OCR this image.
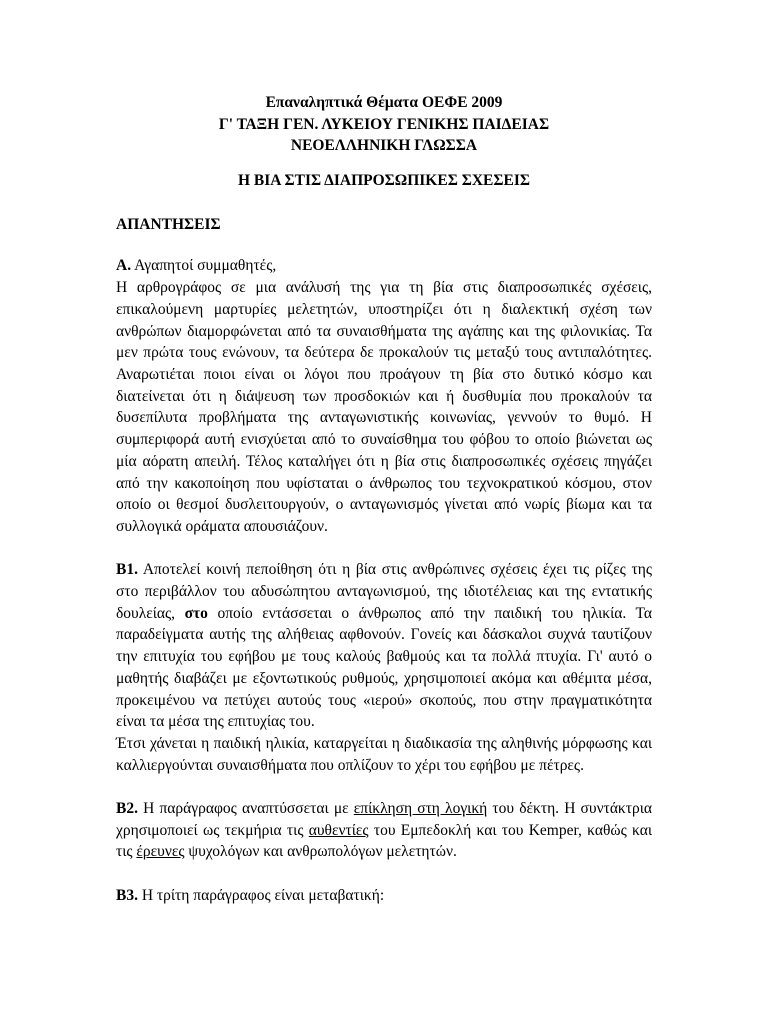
Επαναληπτικά Θέματα ΟΕΦΕ 2009
Γ' ΤΑΞΗ ΓΕΝ. ΛΥΚΕΙΟΥ ΓΕΝΙΚΗΣ ΠΑΙΔΕΙΑΣ
ΝΕΟΕΛΛΗΝΙΚΗ ΓΛΩΣΣΑ
Η ΒΙΑ ΣΤΙΣ ΔΙΑΠΡΟΣΩΠΙΚΕΣ ΣΧΕΣΕΙΣ
ΑΠΑΝΤΗΣΕΙΣ

Α. Αγαπητοί συμμαθητές,

Η αρθρογράφος σε μια ανάλυσή της για τη βία στις διαπροσωπικές σχέσεις, επικαλούμενη μαρτυρίες μελετητών, υποστηρίζει ότι η διαλεκτική σχέση των ανθρώπων διαμορφώνεται από τα συναισθήματα της αγάπης και της φιλονικίας. Τα μεν πρώτα τους ενώνουν, τα δεύτερα δε προκαλούν τις μεταξύ τους αντιπαλότητες. Αναρωτιέται ποιοι είναι οι λόγοι που προάγουν τη βία στο δυτικό κόσμο και διατείνεται ότι η διάψευση των προσδοκιών και ή δυσθυμία που προκαλούν τα δυσεπίλυτα προβλήματα της ανταγωνιστικής κοινωνίας, γεννούν το θυμό. Η συμπεριφορά αυτή ενισχύεται από το συναίσθημα του φόβου το οποίο βιώνεται ως μία αόρατη απειλή. Τέλος καταλήγει ότι η βία στις διαπροσωπικές σχέσεις πηγάζει από την κακοποίηση που υφίσταται ο άνθρωπος του τεχνοκρατικού κόσμου, στον οποίο οι θεσμοί δυσλειτουργούν, ο ανταγωνισμός γίνεται από νωρίς βίωμα και τα συλλογικά οράματα απουσιάζουν.

Β1. Αποτελεί κοινή πεποίθηση ότι η βία στις ανθρώπινες σχέσεις έχει τις ρίζες της στο περιβάλλον του αδυσώπητου ανταγωνισμού, της ιδιοτέλειας και της εντατικής δουλείας, στο οποίο εντάσσεται ο άνθρωπος από την παιδική του ηλικία. Τα παραδείγματα αυτής της αλήθειας αφθονούν. Γονείς και δάσκαλοι συχνά ταυτίζουν την επιτυχία του εφήβου με τους καλούς βαθμούς και τα πολλά πτυχία. Γι' αυτό ο μαθητής διαβάζει με εξοντωτικούς ρυθμούς, χρησιμοποιεί ακόμα και αθέμιτα μέσα, προκειμένου να πετύχει αυτούς τους «ιερού» σκοπούς, που στην πραγματικότητα είναι τα μέσα της επιτυχίας του.

Έτσι χάνεται η παιδική ηλικία, καταργείται η διαδικασία της αληθινής μόρφωσης και καλλιεργούνται συναισθήματα που οπλίζουν το χέρι του εφήβου με πέτρες.

Β2. Η παράγραφος αναπτύσσεται με επίκληση στη λογική του δέκτη. Η συντάκτρια χρησιμοποιεί ως τεκμήρια τις αυθεντίες του Εμπεδοκλή και του Kemper, καθώς και τις έρευνες ψυχολόγων και ανθρωπολόγων μελετητών.

Β3. Η τρίτη παράγραφος είναι μεταβατική:
